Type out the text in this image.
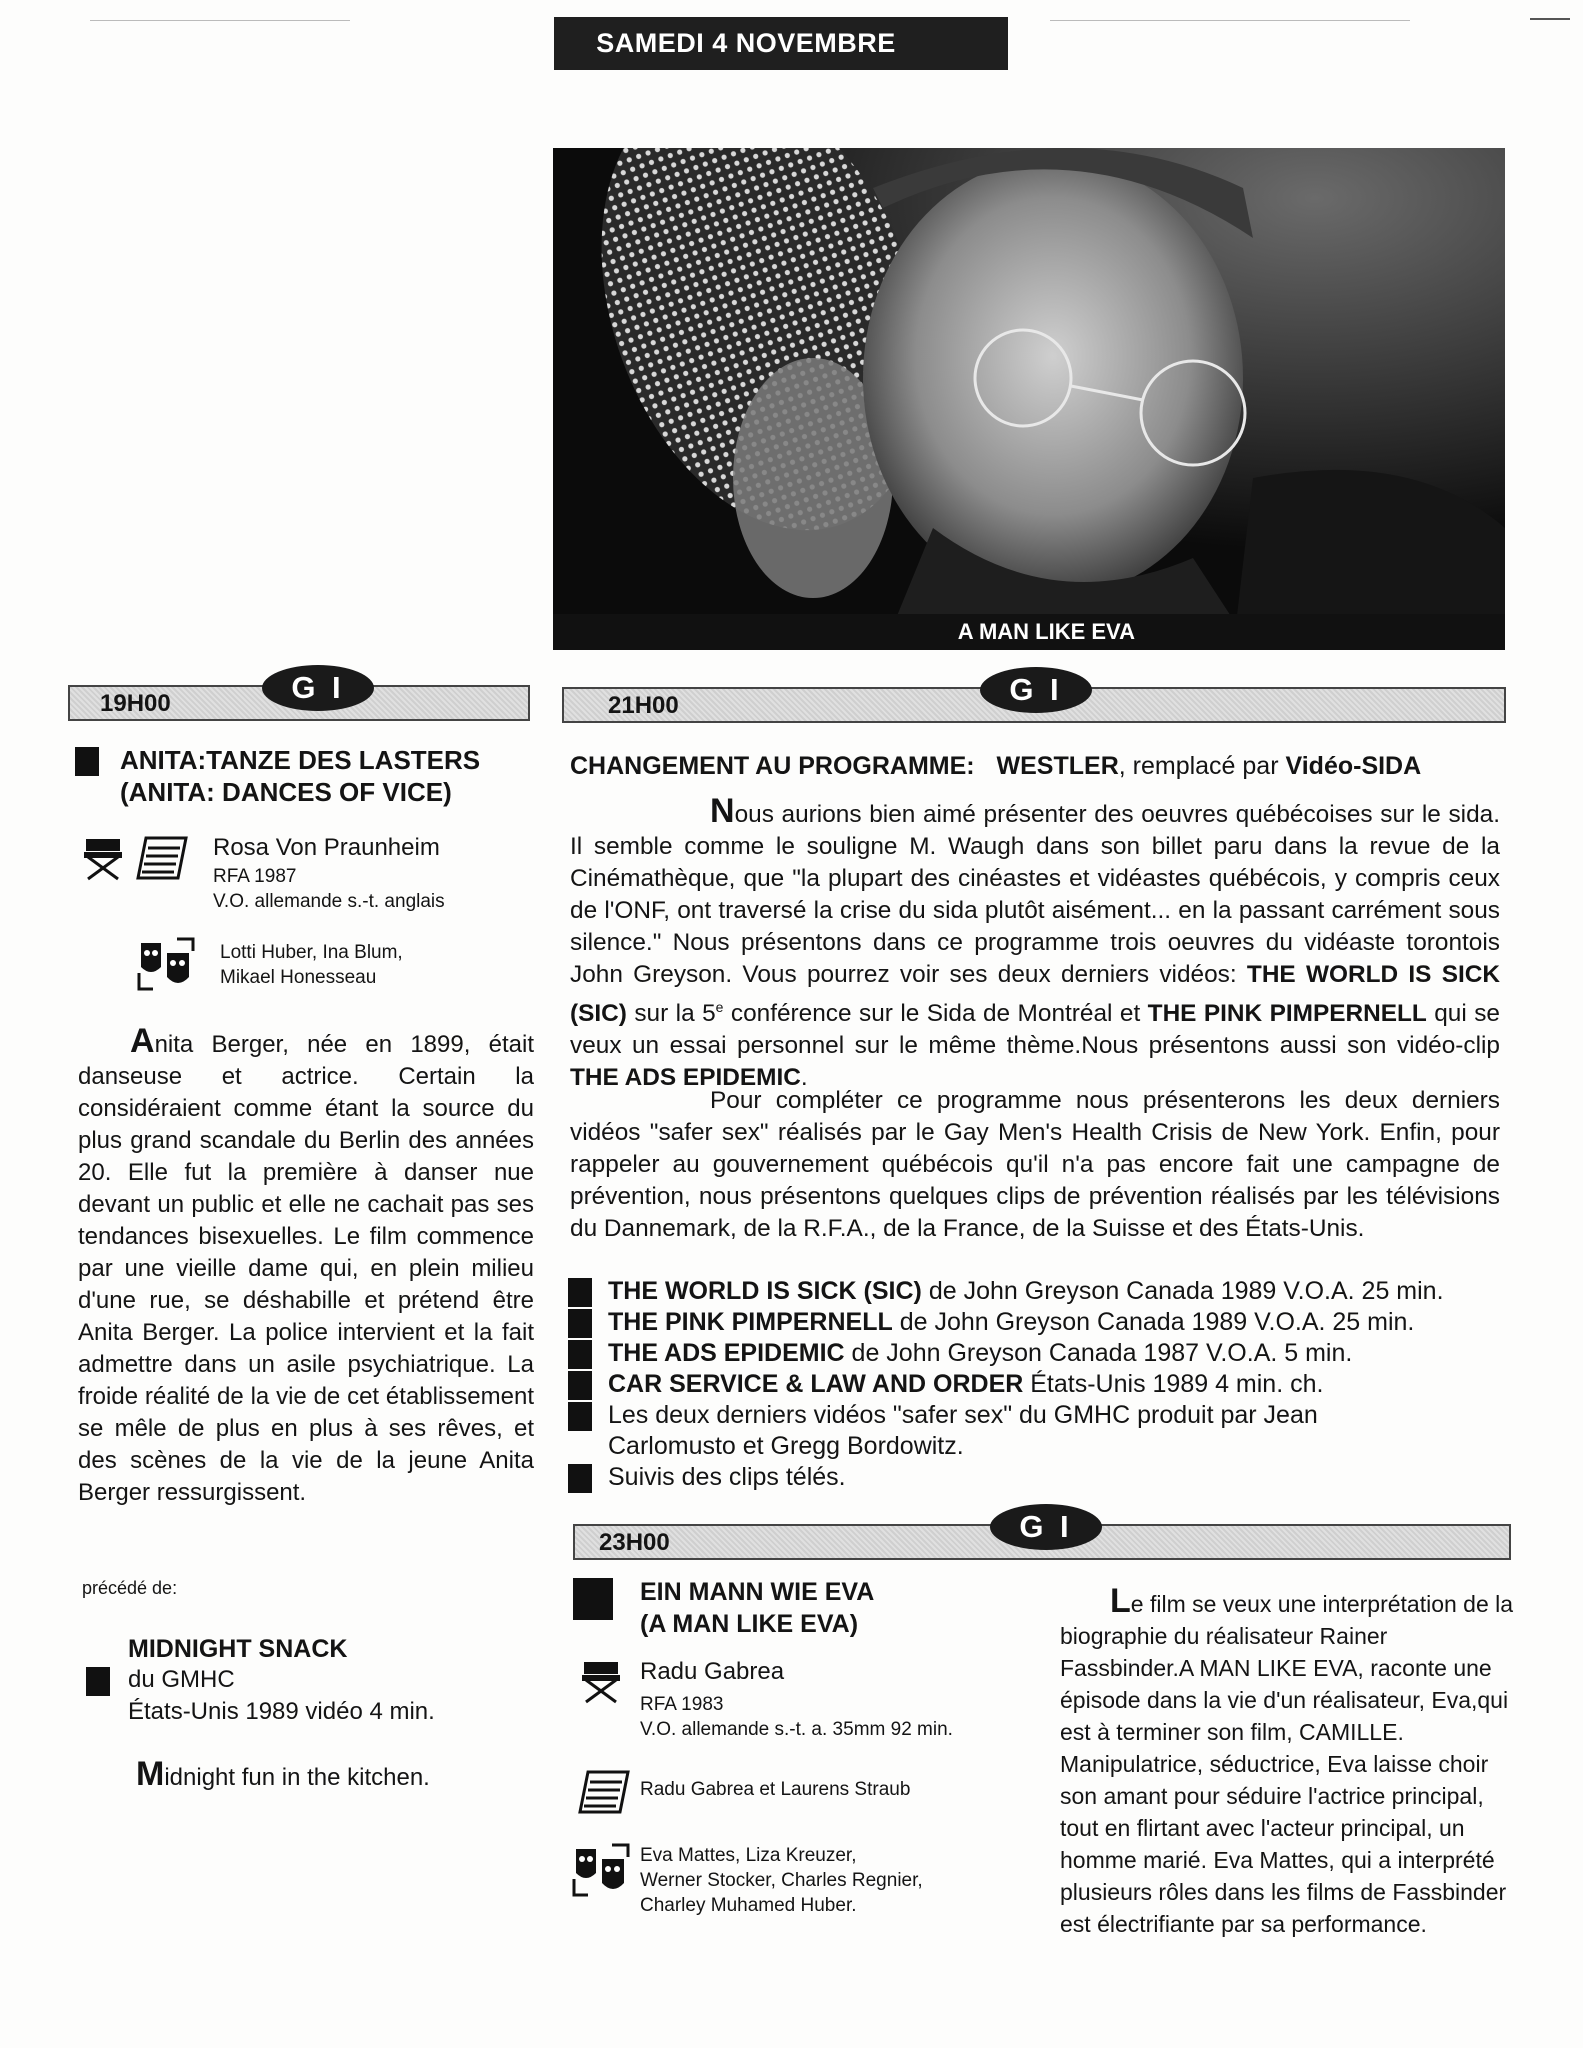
SAMEDI 4 NOVEMBRE
A MAN LIKE EVA
19H00	G I
ANITA:TANZE DES LASTERS
(ANITA: DANCES OF VICE)
Rosa Von Praunheim
RFA 1987
V.O. allemande s.-t. anglais
Lotti Huber, Ina Blum,
Mikael Honesseau
Anita Berger, née en 1899, était danseuse et actrice. Certain la considéraient comme étant la source du plus grand scandale du Berlin des années 20. Elle fut la première à danser nue devant un public et elle ne cachait pas ses tendances bisexuelles. Le film commence par une vieille dame qui, en plein milieu d'une rue, se déshabille et prétend être Anita Berger. La police intervient et la fait admettre dans un asile psychiatrique. La froide réalité de la vie de cet établissement se mêle de plus en plus à ses rêves, et des scènes de la vie de la jeune Anita Berger ressurgissent.
précédé de:
MIDNIGHT SNACK
du GMHC
États-Unis 1989 vidéo 4 min.
Midnight fun in the kitchen.
21H00	G I
CHANGEMENT AU PROGRAMME: WESTLER, remplacé par Vidéo-SIDA
Nous aurions bien aimé présenter des oeuvres québécoises sur le sida. Il semble comme le souligne M. Waugh dans son billet paru dans la revue de la Cinémathèque, que "la plupart des cinéastes et vidéastes québécois, y compris ceux de l'ONF, ont traversé la crise du sida plutôt aisément... en la passant carrément sous silence." Nous présentons dans ce programme trois oeuvres du vidéaste torontois John Greyson. Vous pourrez voir ses deux derniers vidéos: THE WORLD IS SICK (SIC) sur la 5e conférence sur le Sida de Montréal et THE PINK PIMPERNELL qui se veux un essai personnel sur le même thème.Nous présentons aussi son vidéo-clip THE ADS EPIDEMIC.
Pour compléter ce programme nous présenterons les deux derniers vidéos "safer sex" réalisés par le Gay Men's Health Crisis de New York. Enfin, pour rappeler au gouvernement québécois qu'il n'a pas encore fait une campagne de prévention, nous présentons quelques clips de prévention réalisés par les télévisions du Dannemark, de la R.F.A., de la France, de la Suisse et des États-Unis.
THE WORLD IS SICK (SIC) de John Greyson Canada 1989 V.O.A. 25 min.
THE PINK PIMPERNELL de John Greyson Canada 1989 V.O.A. 25 min.
THE ADS EPIDEMIC de John Greyson Canada 1987 V.O.A. 5 min.
CAR SERVICE & LAW AND ORDER États-Unis 1989 4 min. ch.
Les deux derniers vidéos "safer sex" du GMHC produit par Jean
Carlomusto et Gregg Bordowitz.
Suivis des clips télés.
23H00	G I
EIN MANN WIE EVA
(A MAN LIKE EVA)
Radu Gabrea
RFA 1983
V.O. allemande s.-t. a. 35mm 92 min.
Radu Gabrea et Laurens Straub
Eva Mattes, Liza Kreuzer,
Werner Stocker, Charles Regnier,
Charley Muhamed Huber.
Le film se veux une interprétation de la biographie du réalisateur Rainer Fassbinder.A MAN LIKE EVA, raconte une épisode dans la vie d'un réalisateur, Eva,qui est à terminer son film, CAMILLE. Manipulatrice, séductrice, Eva laisse choir son amant pour séduire l'actrice principal, tout en flirtant avec l'acteur principal, un homme marié. Eva Mattes, qui a interprété plusieurs rôles dans les films de Fassbinder est électrifiante par sa performance.
